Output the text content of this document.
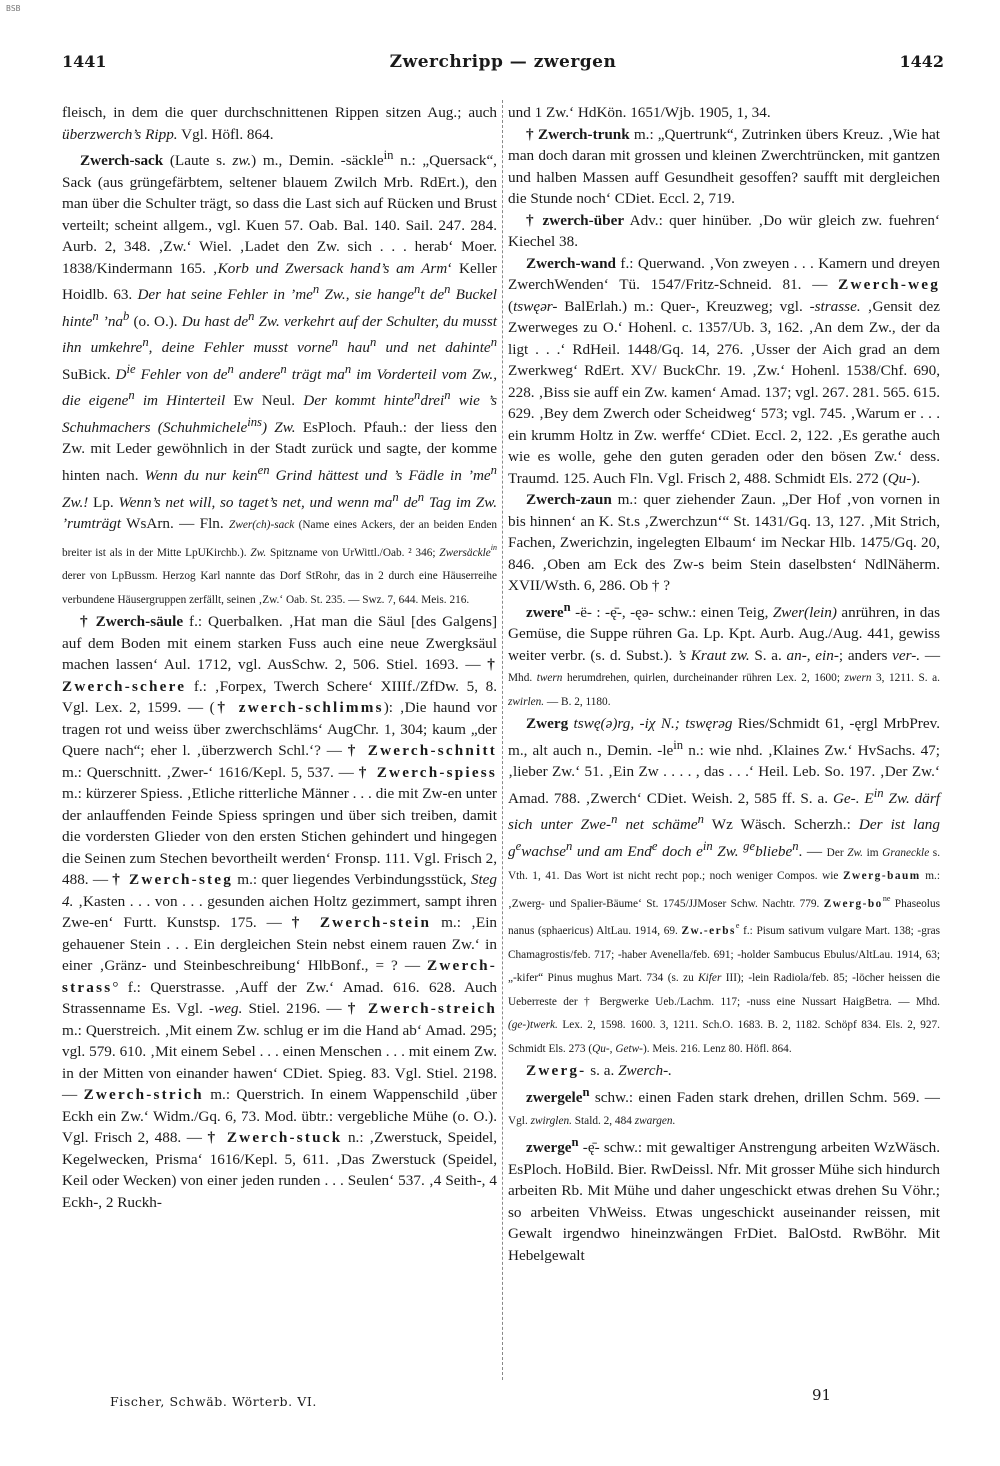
BSB
1441	Zwerchripp — zwergen	1442

fleisch, in dem die quer durchschnittenen Rippen sitzen Aug.; auch überzwerch’s Ripp. Vgl. Höfl. 864.

Zwerch-sack (Laute s. zw.) m., Demin. -säckle$^{in}$ n.: „Quersack“, Sack (aus grüngefärbtem, seltener blauem Zwilch Mrb. RdErt.), den man über die Schulter trägt, so dass die Last sich auf Rücken und Brust verteilt; scheint allgem., vgl. Kuen 57. Oab. Bal. 140. Sail. 247. 284. Aurb. 2, 348. ‚Zw.‘ Wiel. ‚Ladet den Zw. sich . . . herab‘ Moer. 1838/Kindermann 165. ‚Korb und Zwersack hand’s am Arm‘ Keller Hoidlb. 63. Der hat seine Fehler in $’me^n$ Zw., sie hange$^n$t $de^n$ Buckel hinte$^n$ $’na^b$ (o. O.). Du hast $de^n$ Zw. verkehrt auf der Schulter, du musst ihn umkehre$^n$, deine Fehler musst vorne$^n$ hau$^n$ und net dahinte$^n$ SuBick. $D^{ie}$ Fehler von $de^n$ andere$^n$ trägt $ma^n$ im Vorderteil vom Zw., die eigene$^n$ im Hinterteil Ew Neul. Der kommt hinte$^n$drei$^n$ wie ’s Schuhmachers (Schuhmichele$^{ins}$) Zw. EsPloch. Pfauh.: der liess den Zw. mit Leder gewöhnlich in der Stadt zurück und sagte, der komme hinten nach. Wenn du nur kein$^{en}$ Grind hättest und ’s Fädle in $’me^n$ Zw.! Lp. Wenn’s net will, so taget’s net, und wenn $ma^n$ $de^n$ Tag im Zw. ’rumträgt WsArn. — Fln. Zwer(ch)-sack (Name eines Ackers, der an beiden Enden breiter ist als in der Mitte LpUKirchb.). Zw. Spitzname von UrWittl./Oab. ² 346; Zwersäckle$^{in}$ derer von LpBussm. Herzog Karl nannte das Dorf StRohr, das in 2 durch eine Häuserreihe verbundene Häusergruppen zerfällt, seinen ‚Zw.‘ Oab. St. 235. — Swz. 7, 644. Meis. 216.

† Zwerch-säule f.: Querbalken. ‚Hat man die Säul [des Galgens] auf dem Boden mit einem starken Fuss auch eine neue Zwergksäul machen lassen‘ Aul. 1712, vgl. AusSchw. 2, 506. Stiel. 1693. — † Zwerch-schere f.: ‚Forpex, Twerch Schere‘ XIIIf./ZfDw. 5, 8. Vgl. Lex. 2, 1599. — († zwerch-schlimms): ‚Die haund vor tragen rot und weiss über zwerchschläms‘ AugChr. 1, 304; kaum „der Quere nach“; eher l. ‚überzwerch Schl.‘? — † Zwerch-schnitt m.: Querschnitt. ‚Zwer-‘ 1616/Kepl. 5, 537. — † Zwerch-spiess m.: kürzerer Spiess. ‚Etliche ritterliche Männer . . . die mit Zw-en unter der anlauffenden Feinde Spiess springen und über sich treiben, damit die vordersten Glieder von den ersten Stichen gehindert und hingegen die Seinen zum Stechen bevortheilt werden‘ Fronsp. 111. Vgl. Frisch 2, 488. — † Zwerch-steg m.: quer liegendes Verbindungsstück, Steg 4. ‚Kasten . . . von . . . gesunden aichen Holtz gezimmert, sampt ihren Zwe-en‘ Furtt. Kunstsp. 175. — † Zwerch-stein m.: ‚Ein gehauener Stein . . . Ein dergleichen Stein nebst einem rauen Zw.‘ in einer ‚Gränz- und Steinbeschreibung‘ HlbBonf., = ? — Zwerch-strass° f.: Querstrasse. ‚Auff der Zw.‘ Amad. 616. 628. Auch Strassenname Es. Vgl. -weg. Stiel. 2196. — † Zwerch-streich m.: Querstreich. ‚Mit einem Zw. schlug er im die Hand ab‘ Amad. 295; vgl. 579. 610. ‚Mit einem Sebel . . . einen Menschen . . . mit einem Zw. in der Mitten von einander hawen‘ CDiet. Spieg. 83. Vgl. Stiel. 2198. — Zwerch-strich m.: Querstrich. In einem Wappenschild ‚über Eckh ein Zw.‘ Widm./Gq. 6, 73. Mod. übtr.: vergebliche Mühe (o. O.). Vgl. Frisch 2, 488. — † Zwerch-stuck n.: ‚Zwerstuck, Speidel, Kegelwecken, Prisma‘ 1616/Kepl. 5, 611. ‚Das Zwerstuck (Speidel, Keil oder Wecken) von einer jeden runden . . . Seulen‘ 537. ‚4 Seith-, 4 Eckh-, 2 Ruckh-

und 1 Zw.‘ HdKön. 1651/Wjb. 1905, 1, 34.

† Zwerch-trunk m.: „Quertrunk“, Zutrinken übers Kreuz. ‚Wie hat man doch daran mit grossen und kleinen Zwerchtrüncken, mit gantzen und halben Massen auff Gesundheit gesoffen? saufft mit dergleichen die Stunde noch‘ CDiet. Eccl. 2, 719.

† zwerch-über Adv.: quer hinüber. ‚Do wür gleich zw. fuehren‘ Kiechel 38.

Zwerch-wand f.: Querwand. ‚Von zweyen . . . Kamern und dreyen ZwerchWenden‘ Tü. 1547/Fritz-Schneid. 81. — Zwerch-weg (tswęər- BalErlah.) m.: Quer-, Kreuzweg; vgl. -strasse. ‚Gensit dez Zwerweges zu O.‘ Hohenl. c. 1357/Ub. 3, 162. ‚An dem Zw., der da ligt . . .‘ RdHeil. 1448/Gq. 14, 276. ‚Usser der Aich grad an dem Zwerkweg‘ RdErt. XV/ BuckChr. 19. ‚Zw.‘ Hohenl. 1538/Chf. 690, 228. ‚Biss sie auff ein Zw. kamen‘ Amad. 137; vgl. 267. 281. 565. 615. 629. ‚Bey dem Zwerch oder Scheidweg‘ 573; vgl. 745. ‚Warum er . . . ein krumm Holtz in Zw. werffe‘ CDiet. Eccl. 2, 122. ‚Es gerathe auch wie es wolle, gehe den guten geraden oder den bösen Zw.‘ dess. Traumd. 125. Auch Fln. Vgl. Frisch 2, 488. Schmidt Els. 272 (Qu-).

Zwerch-zaun m.: quer ziehender Zaun. „Der Hof ‚von vornen in bis hinnen‘ an K. St.s ‚Zwerchzun‘“ St. 1431/Gq. 13, 127. ‚Mit Strich, Fachen, Zwerichzin, ingelegten Elbaum‘ im Neckar Hlb. 1475/Gq. 20, 846. ‚Oben am Eck des Zw-s beim Stein daselbsten‘ NdlNäherm. XVII/Wsth. 6, 286. Ob † ?

zwere$^n$ -ë- : -ę̄-, -ęə- schw.: einen Teig, Zwer(lein) anrühren, in das Gemüse, die Suppe rühren Ga. Lp. Kpt. Aurb. Aug./Aug. 441, gewiss weiter verbr. (s. d. Subst.). ’s Kraut zw. S. a. an-, ein-; anders ver-. — Mhd. twern herumdrehen, quirlen, durcheinander rühren Lex. 2, 1600; zwern 3, 1211. S. a. zwirlen. — B. 2, 1180.

Zwerg tswę(ə)rg, -iχ N.; tswęrəg Ries/Schmidt 61, -ęrgl MrbPrev. m., alt auch n., Demin. $-le^{in}$ n.: wie nhd. ‚Klaines Zw.‘ HvSachs. 47; ‚lieber Zw.‘ 51. ‚Ein Zw . . . . , das . . .‘ Heil. Leb. So. 197. ‚Der Zw.‘ Amad. 788. ‚Zwerch‘ CDiet. Weish. 2, 585 ff. S. a. Ge-. $E^{in}$ Zw. därf sich unter Zwe-$^n$ net schäme$^n$ Wz Wäsch. Scherzh.: Der ist lang $g^ewachse^n$ und am End$^e$ doch $e^{in}$ Zw. $^{ge}$bliebe$^n$. — Der Zw. im Graneckle s. Vth. 1, 41. Das Wort ist nicht recht pop.; noch weniger Compos. wie Zwerg-baum m.: ‚Zwerg- und Spalier-Bäume‘ St. 1745/JJMoser Schw. Nachtr. 779. Zwerg-$bo^{ne}$ Phaseolus nanus (sphaericus) AltLau. 1914, 69. Zw.-erbs$^e$ f.: Pisum sativum vulgare Mart. 138; -gras Chamagrostis/feb. 717; -haber Avenella/feb. 691; -holder Sambucus Ebulus/AltLau. 1914, 63; „-kifer“ Pinus mughus Mart. 734 (s. zu Kifer III); -lein Radiola/feb. 85; -löcher heissen die Ueberreste der † Bergwerke Ueb./Lachm. 117; -nuss eine Nussart HaigBetra. — Mhd. (ge-)twerk. Lex. 2, 1598. 1600. 3, 1211. Sch.O. 1683. B. 2, 1182. Schöpf 834. Els. 2, 927. Schmidt Els. 273 (Qu-, Getw-). Meis. 216. Lenz 80. Höfl. 864.

Zwerg- s. a. Zwerch-.

zwergele$^n$ schw.: einen Faden stark drehen, drillen Schm. 569. — Vgl. zwirglen. Stald. 2, 484 zwargen.

zwerge$^n$ -ę̄- schw.: mit gewaltiger Anstrengung arbeiten WzWäsch. EsPloch. HoBild. Bier. RwDeissl. Nfr. Mit grosser Mühe sich hindurch arbeiten Rb. Mit Mühe und daher ungeschickt etwas drehen Su Vöhr.; so arbeiten VhWeiss. Etwas ungeschickt auseinander reissen, mit Gewalt irgendwo hineinzwängen FrDiet. BalOstd. RwBöhr. Mit Hebelgewalt

91
Fischer, Schwäb. Wörterb. VI.
